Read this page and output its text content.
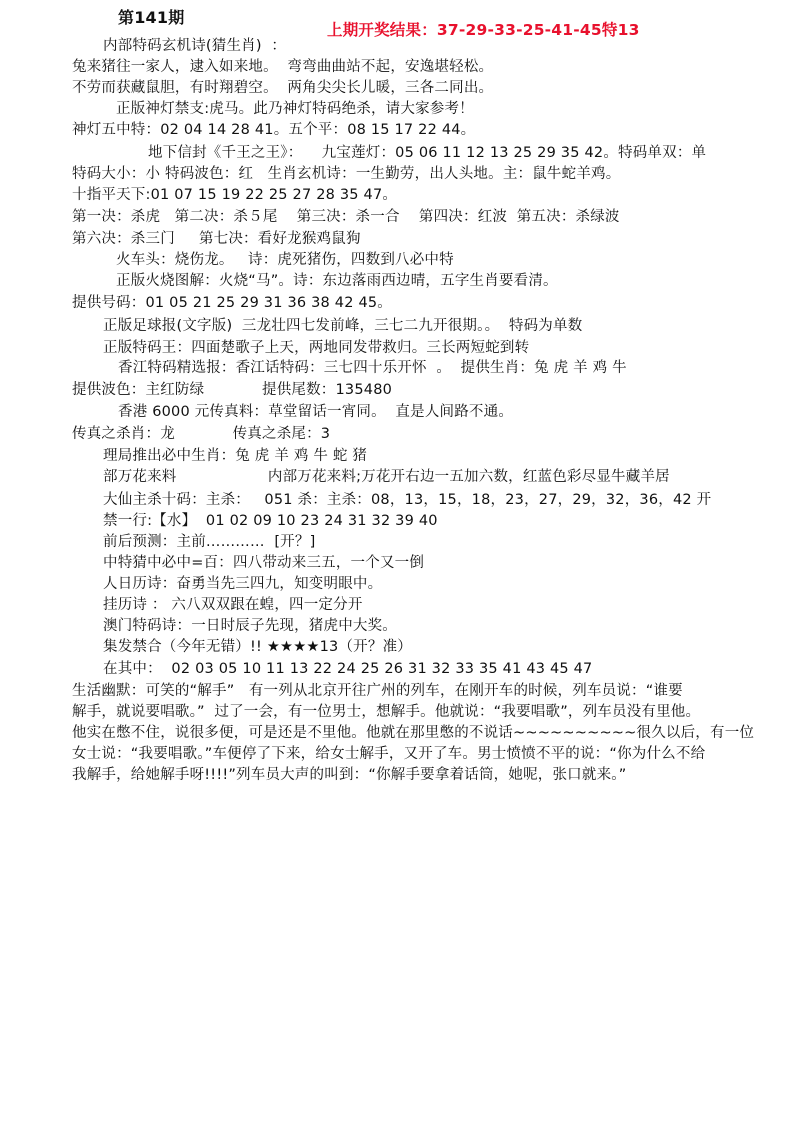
第141期
上期开奖结果：37-29-33-25-41-45特13
内部特码玄机诗(猜生肖)  ：
兔来猪往一家人，逮入如来地。  弯弯曲曲站不起，安逸堪轻松。
不劳而获藏鼠胆，有时翔碧空。  两角尖尖长儿暖，三各二同出。
正版神灯禁支:虎马。此乃神灯特码绝杀，请大家参考！
神灯五中特：02 04 14 28 41。五个平：08 15 17 22 44。
地下信封《千王之王》：    九宝莲灯：05 06 11 12 13 25 29 35 42。特码单双：单
特码大小：小 特码波色：红   生肖玄机诗：一生勤劳，出人头地。主：鼠牛蛇羊鸡。
十指平天下:01 07 15 19 22 25 27 28 35 47。
第一决：杀虎   第二决：杀５尾    第三决：杀一合    第四决：红波  第五决：杀绿波
第六决：杀三门     第七决：看好龙猴鸡鼠狗
火车头：烧伤龙。   诗：虎死猪伤，四数到八必中特
正版火烧图解：火烧“马”。诗：东边落雨西边晴，五字生肖要看清。
提供号码：01 05 21 25 29 31 36 38 42 45。
正版足球报(文字版)  三龙壮四七发前峰，三七二九开很期。。  特码为单数
正版特码王：四面楚歌子上天，两地同发带救归。三长两短蛇到转
香江特码精选报：香江话特码：三七四十乐开怀  。  提供生肖：兔 虎 羊 鸡 牛
提供波色：主红防绿            提供尾数：135480
香港 6000 元传真料：草堂留话一宵同。  直是人间路不通。
传真之杀肖：龙            传真之杀尾：3
理局推出必中生肖：兔 虎 羊 鸡 牛 蛇 猪
部万花来料                   内部万花来料;万花开右边一五加六数，红蓝色彩尽显牛藏羊居
大仙主杀十码：主杀：   051 杀：主杀：08，13，15，18，23，27，29，32，36，42 开
禁一行:【水】  01 02 09 10 23 24 31 32 39 40
前后预测：主前…………  [开？]
中特猜中必中=百：四八带动来三五，一个又一倒
人日历诗：奋勇当先三四九，知变明眼中。
挂历诗 ： 六八双双跟在蝗，四一定分开
澳门特码诗：一日时辰子先现，猪虎中大奖。
集发禁合（今年无错）!! ★★★★13（开？准）
在其中：  02 03 05 10 11 13 22 24 25 26 31 32 33 35 41 43 45 47
生活幽默：可笑的“解手”   有一列从北京开往广州的列车，在刚开车的时候，列车员说：“谁要
解手，就说要唱歌。”  过了一会，有一位男士，想解手。他就说：“我要唱歌”，列车员没有里他。
他实在憋不住，说很多便，可是还是不里他。他就在那里憋的不说话~~~~~~~~~~很久以后，有一位
女士说：“我要唱歌。”车便停了下来，给女士解手，又开了车。男士愤愤不平的说：“你为什么不给
我解手，给她解手呀!!!!”列车员大声的叫到：“你解手要拿着话筒，她呢，张口就来。”
